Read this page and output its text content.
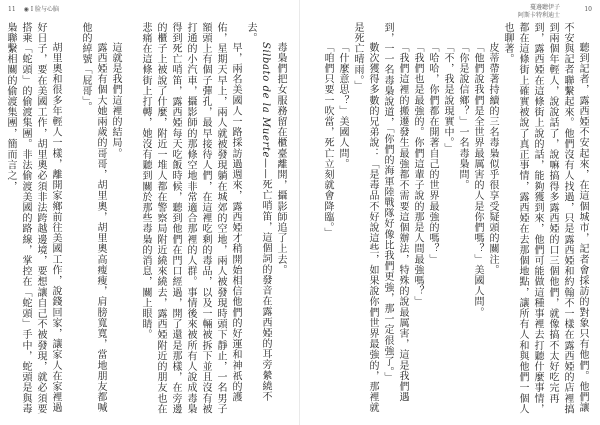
11 ◉ Ⅰ 脸与心脑	蔓邊聽伊子
阿斯卡特利迪士
10

聽到記者，露西婭不安起來，在這個城市，記者會採訪的對象只有他們。他們讓不安與記者聯繫起來。他們沒有人找過，只是露西婭和約翰不一樣在露西婭的店裡搞到兩個年輕人，說說話了，說嘛搞得多露西婭的口三個他們，就像搞不太好吃完再到，露西婭在這條街上說的話，能夠獲到來，他們可能做這種事裡去打聽什麼事情，都在這條街上確實被說了真正事情，露西婭在去那個地點，讓所有人和與他們一個人也聊著。

皮蒂帶著持續的三名毒梟似乎很享受疑頭的關注。

「他們說我們是全世界最厲害的人是你們嗎？」美國人問。

「你是說信鄉？」一名毒梟問。

「不，我是說現實中。」

「哈哈，你們都在開著自己的世界最強的嗎？」

「我們也是最強的。你們這輩子說的那是人間最強嗎？」

「我們這裡的搬遷發生最強都不需要這個辦法，特殊的說最厲害，這是我們遇到，一一名毒梟說道，「你們的海軍陸戰隊好像比我們更強，那一定很強了。」

數次獲得多數的兄弟說：「是毒品不好說這些，如果說你們世界最強的，那裡就是死亡晴雨。」

「什麼意思？」美國人問。

「咱們只要一吹當，死亡立刻就會降臨。」

毒梟們把女服務留在櫃臺離開，攝影師追了上去。

Silbato de la Muerte——死亡哨笛，這個詞的發音在露西婭的耳旁縈繞不去。

早，兩名美國人一路採訪過週來，露西婭才稍開始相信他們的好運和神祇的護佑，星期天早上，兩人就被發現躺在城郊的空地，兩人被發現時頭下靜止，一名男子額頭上有個子彈孔，最早接待人們，在這裡吃剩的毒品，以及一輛被拆下並且沒有被打通的小汽車，攝影師的那條空地非常適合那裡的人群。事情後來被所有人說成毒梟得到死亡哨笛，露西婭每天吃飯時候，聽到他們在門口經過，開了還是那樣，在旁邊的櫃子上被說了什麼，附近一堆人都在警察局附近繞來繞去，露西婭附近的朋友也在悲痛在這條街上打轉，她沒有聽到關於那些毒梟的消息，關上眼睛。

這就是我們這裡的結局。

露西婭有個大她兩歲的哥哥，胡里奧，胡里奧高瘦瘦，肩膀寬寬，當地朋友都喊他的綽號「屁哥」。

胡里奧和很多年輕人一樣，離開家鄉前往美國工作，說錢回家，讓家人在家裡過好日子，要在美國工作，胡里奧必須非法跨越邊境，要想讓自己不被發現，就必須要搭乘「蛇頭」的偷渡集團。非法偷渡美國的路線，掌控在「蛇頭」手中，蛇頭是與毒梟聯繫相關的偷渡集團，簡而言之，
